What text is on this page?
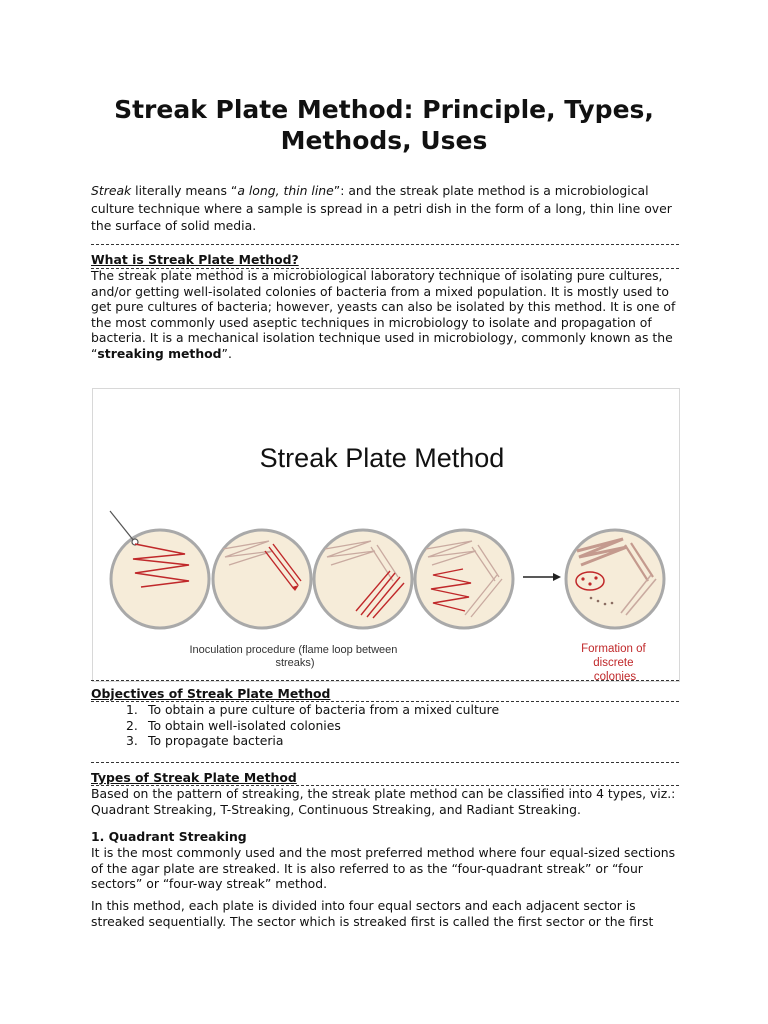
Streak Plate Method: Principle, Types, Methods, Uses
Streak literally means “a long, thin line”: and the streak plate method is a microbiological culture technique where a sample is spread in a petri dish in the form of a long, thin line over the surface of solid media.
What is Streak Plate Method?
The streak plate method is a microbiological laboratory technique of isolating pure cultures, and/or getting well-isolated colonies of bacteria from a mixed population. It is mostly used to get pure cultures of bacteria; however, yeasts can also be isolated by this method. It is one of the most commonly used aseptic techniques in microbiology to isolate and propagation of bacteria. It is a mechanical isolation technique used in microbiology, commonly known as the “streaking method”.
Streak Plate Method
Inoculation procedure (flame loop between streaks)
Formation of discrete colonies
Objectives of Streak Plate Method
1. To obtain a pure culture of bacteria from a mixed culture
2. To obtain well-isolated colonies
3. To propagate bacteria
Types of Streak Plate Method
Based on the pattern of streaking, the streak plate method can be classified into 4 types, viz.: Quadrant Streaking, T-Streaking, Continuous Streaking, and Radiant Streaking.
1. Quadrant Streaking
It is the most commonly used and the most preferred method where four equal-sized sections of the agar plate are streaked. It is also referred to as the “four-quadrant streak” or “four sectors” or “four-way streak” method.
In this method, each plate is divided into four equal sectors and each adjacent sector is streaked sequentially. The sector which is streaked first is called the first sector or the first
